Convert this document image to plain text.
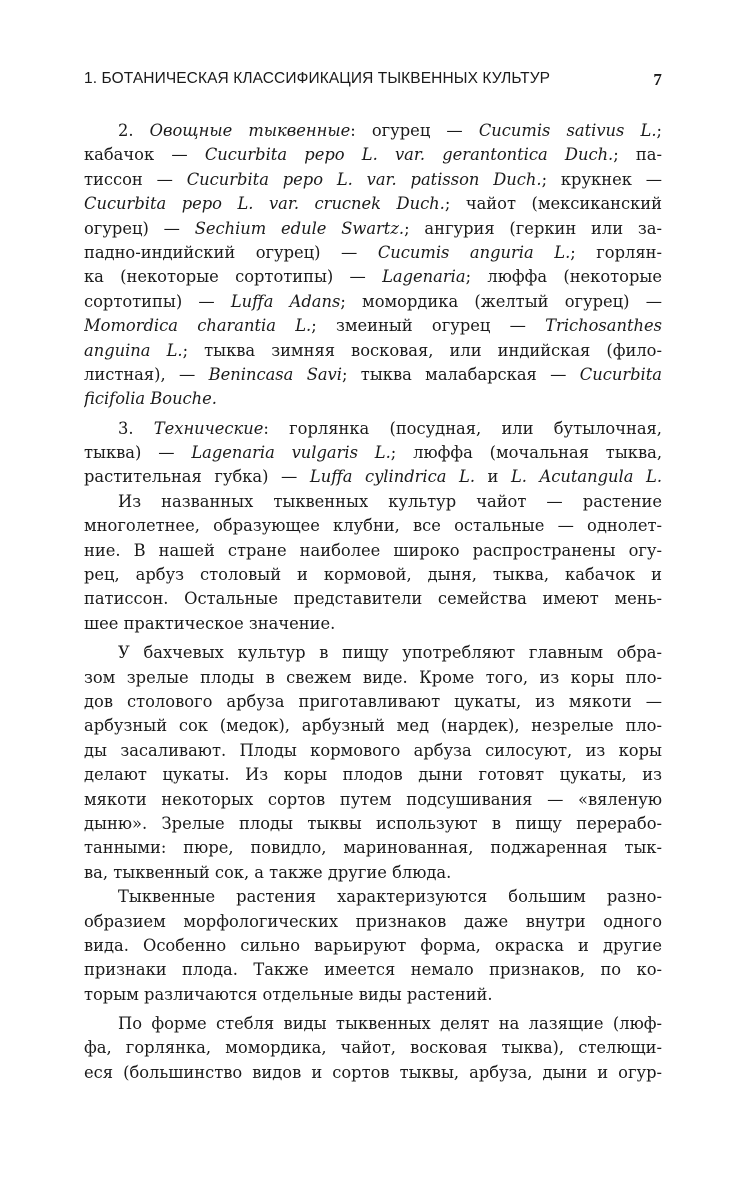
1. БОТАНИЧЕСКАЯ КЛАССИФИКАЦИЯ ТЫКВЕННЫХ КУЛЬТУР	7
2. Овощные тыквенные: огурец — Cucumis sativus L.;
кабачок — Cucurbita pepo L. var. gerantontica Duch.; па-
тиссон — Cucurbita pepo L. var. patisson Duch.; крукнек —
Cucurbita pepo L. var. crucnek Duch.; чайот (мексиканский
огурец) — Sechium edule Swartz.; ангурия (геркин или за-
падно-индийский огурец) — Cucumis anguria L.; горлян-
ка (некоторые сортотипы) — Lagenaria; люффа (некоторые
сортотипы) — Luffa Adans; момордика (желтый огурец) —
Momordica charantia L.; змеиный огурец — Trichosanthes
anguina L.; тыква зимняя восковая, или индийская (фило-
листная), — Benincasa Savi; тыква малабарская — Cucurbita
ficifolia Bouche.
3. Технические: горлянка (посудная, или бутылочная,
тыква) — Lagenaria vulgaris L.; люффа (мочальная тыква,
растительная губка) — Luffa cylindrica L. и L. Acutangula L.
Из названных тыквенных культур чайот — растение
многолетнее, образующее клубни, все остальные — однолет-
ние. В нашей стране наиболее широко распространены огу-
рец, арбуз столовый и кормовой, дыня, тыква, кабачок и
патиссон. Остальные представители семейства имеют мень-
шее практическое значение.
У бахчевых культур в пищу употребляют главным обра-
зом зрелые плоды в свежем виде. Кроме того, из коры пло-
дов столового арбуза приготавливают цукаты, из мякоти —
арбузный сок (медок), арбузный мед (нардек), незрелые пло-
ды засаливают. Плоды кормового арбуза силосуют, из коры
делают цукаты. Из коры плодов дыни готовят цукаты, из
мякоти некоторых сортов путем подсушивания — «вяленую
дыню». Зрелые плоды тыквы используют в пищу перерабо-
танными: пюре, повидло, маринованная, поджаренная тык-
ва, тыквенный сок, а также другие блюда.
Тыквенные растения характеризуются большим разно-
образием морфологических признаков даже внутри одного
вида. Особенно сильно варьируют форма, окраска и другие
признаки плода. Также имеется немало признаков, по ко-
торым различаются отдельные виды растений.
По форме стебля виды тыквенных делят на лазящие (люф-
фа, горлянка, момордика, чайот, восковая тыква), стелющи-
еся (большинство видов и сортов тыквы, арбуза, дыни и огур-
